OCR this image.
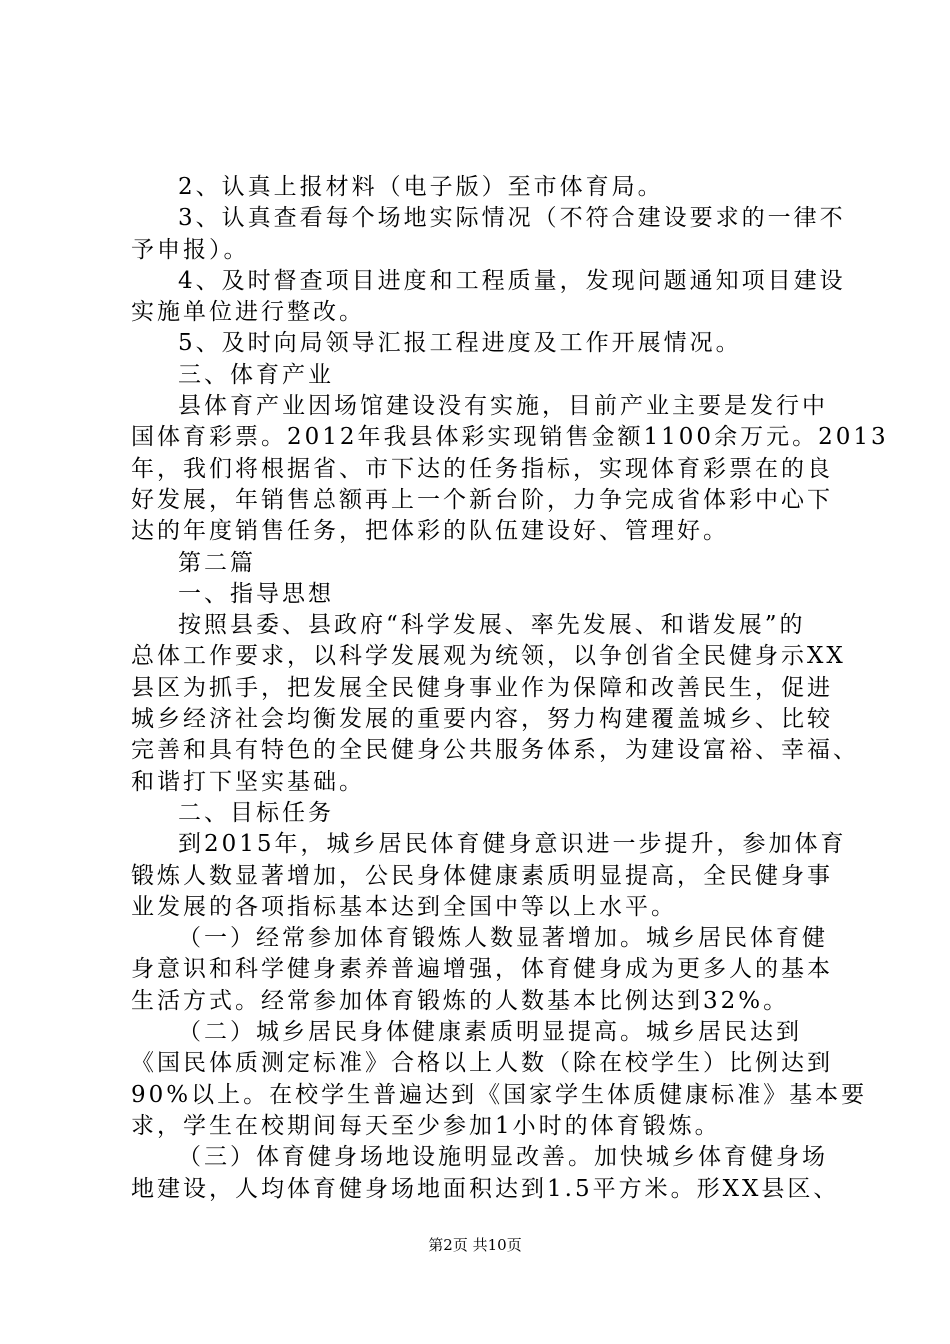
2、认真上报材料（电子版）至市体育局。
3、认真查看每个场地实际情况（不符合建设要求的一律不
予申报）。
4、及时督查项目进度和工程质量，发现问题通知项目建设
实施单位进行整改。
5、及时向局领导汇报工程进度及工作开展情况。
三、体育产业
县体育产业因场馆建设没有实施，目前产业主要是发行中
国体育彩票。2012年我县体彩实现销售金额1100余万元。2013
年，我们将根据省、市下达的任务指标，实现体育彩票在的良
好发展，年销售总额再上一个新台阶，力争完成省体彩中心下
达的年度销售任务，把体彩的队伍建设好、管理好。
第二篇
一、指导思想
按照县委、县政府“科学发展、率先发展、和谐发展”的
总体工作要求，以科学发展观为统领，以争创省全民健身示XX
县区为抓手，把发展全民健身事业作为保障和改善民生，促进
城乡经济社会均衡发展的重要内容，努力构建覆盖城乡、比较
完善和具有特色的全民健身公共服务体系，为建设富裕、幸福、
和谐打下坚实基础。
二、目标任务
到2015年，城乡居民体育健身意识进一步提升，参加体育
锻炼人数显著增加，公民身体健康素质明显提高，全民健身事
业发展的各项指标基本达到全国中等以上水平。
（一）经常参加体育锻炼人数显著增加。城乡居民体育健
身意识和科学健身素养普遍增强，体育健身成为更多人的基本
生活方式。经常参加体育锻炼的人数基本比例达到32%。
（二）城乡居民身体健康素质明显提高。城乡居民达到
《国民体质测定标准》合格以上人数（除在校学生）比例达到
90%以上。在校学生普遍达到《国家学生体质健康标准》基本要
求，学生在校期间每天至少参加1小时的体育锻炼。
（三）体育健身场地设施明显改善。加快城乡体育健身场
地建设，人均体育健身场地面积达到1.5平方米。形XX县区、
第2页 共10页
